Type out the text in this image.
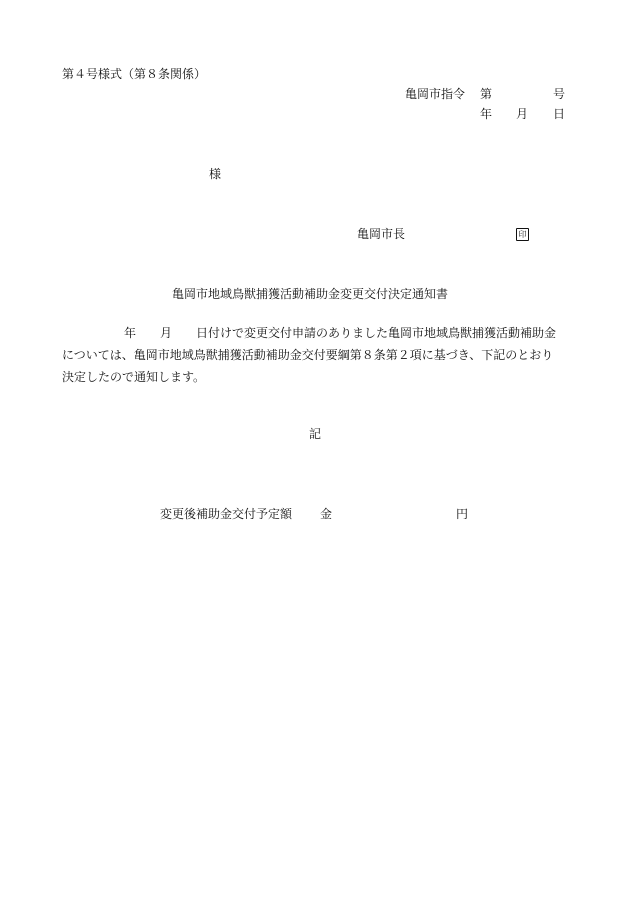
第４号様式（第８条関係）
亀岡市指令 第	号
年 月 日
様
亀岡市長	印
亀岡市地域鳥獣捕獲活動補助金変更交付決定通知書
年 月 日付けで変更交付申請のありました亀岡市地域鳥獣捕獲活動補助金
については、亀岡市地域鳥獣捕獲活動補助金交付要綱第８条第２項に基づき、下記のとおり
決定したので通知します。
記
変更後補助金交付予定額 金	円
